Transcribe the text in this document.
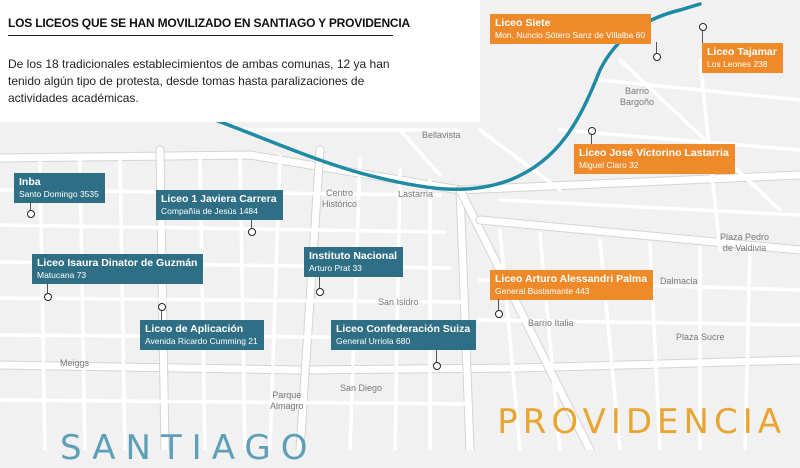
LOS LICEOS QUE SE HAN MOVILIZADO EN SANTIAGO Y PROVIDENCIA
De los 18 tradicionales establecimientos de ambas comunas, 12 ya han tenido algún tipo de protesta, desde tomas hasta paralizaciones de actividades académicas.
Bellavista
Centro
Histórico
Lastarria
Barrio
Bargoño
Plaza Pedro
de Valdivia
Dalmacia
San Isidro
Barrio Italia
Plaza Sucre
Meiggs
Parque
Almagro
San Diego
Inba
Santo Domingo 3535	Liceo 1 Javiera Carrera
Compañía de Jesús 1484
Liceo Isaura Dinator de Guzmán
Matucana 73
Instituto Nacional
Arturo Prat 33
Liceo de Aplicación
Avenida Ricardo Cumming 21
Liceo Confederación Suiza
General Urriola 680
Liceo Siete
Mon. Nuncio Sótero Sanz de Villalba 60
Liceo Tajamar
Los Leones 238
Liceo José Victorino Lastarria
Miguel Claro 32
Liceo Arturo Alessandri Palma
General Bustamante 443
PROVIDENCIA
SANTIAGO
